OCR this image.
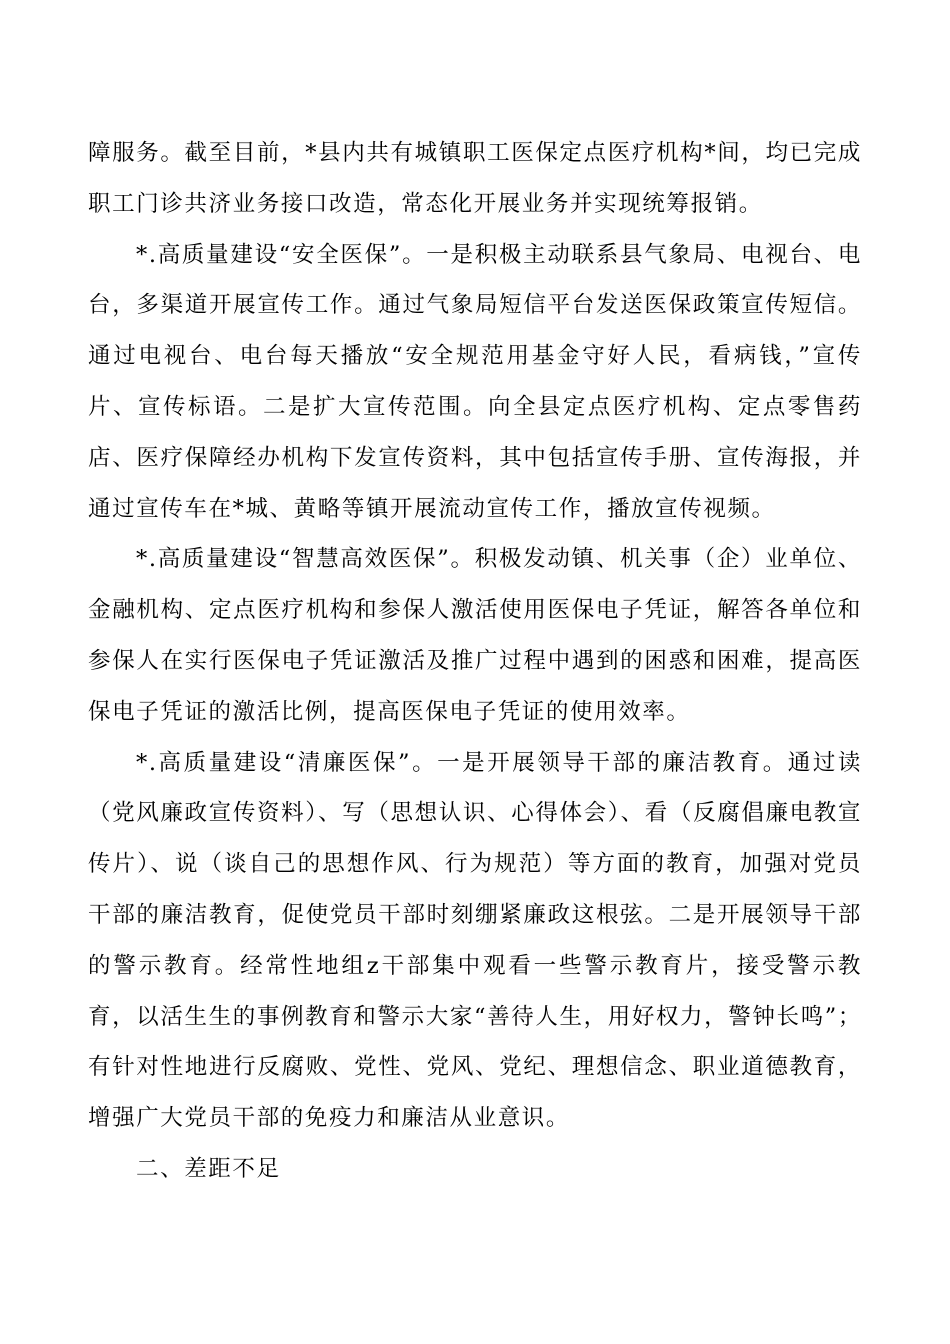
障服务。截至目前，*县内共有城镇职工医保定点医疗机构*间，均已完成职工门诊共济业务接口改造，常态化开展业务并实现统筹报销。

*.高质量建设“安全医保”。一是积极主动联系县气象局、电视台、电台，多渠道开展宣传工作。通过气象局短信平台发送医保政策宣传短信。通过电视台、电台每天播放“安全规范用基金守好人民，看病钱，”宣传片、宣传标语。二是扩大宣传范围。向全县定点医疗机构、定点零售药店、医疗保障经办机构下发宣传资料，其中包括宣传手册、宣传海报，并通过宣传车在*城、黄略等镇开展流动宣传工作，播放宣传视频。

*.高质量建设“智慧高效医保”。积极发动镇、机关事（企）业单位、金融机构、定点医疗机构和参保人激活使用医保电子凭证，解答各单位和参保人在实行医保电子凭证激活及推广过程中遇到的困惑和困难，提高医保电子凭证的激活比例，提高医保电子凭证的使用效率。

*.高质量建设“清廉医保”。一是开展领导干部的廉洁教育。通过读（党风廉政宣传资料）、写（思想认识、心得体会）、看（反腐倡廉电教宣传片）、说（谈自己的思想作风、行为规范）等方面的教育，加强对党员干部的廉洁教育，促使党员干部时刻绷紧廉政这根弦。二是开展领导干部的警示教育。经常性地组z干部集中观看一些警示教育片，接受警示教育，以活生生的事例教育和警示大家“善待人生，用好权力，警钟长鸣”；有针对性地进行反腐败、党性、党风、党纪、理想信念、职业道德教育，增强广大党员干部的免疫力和廉洁从业意识。

二、差距不足
